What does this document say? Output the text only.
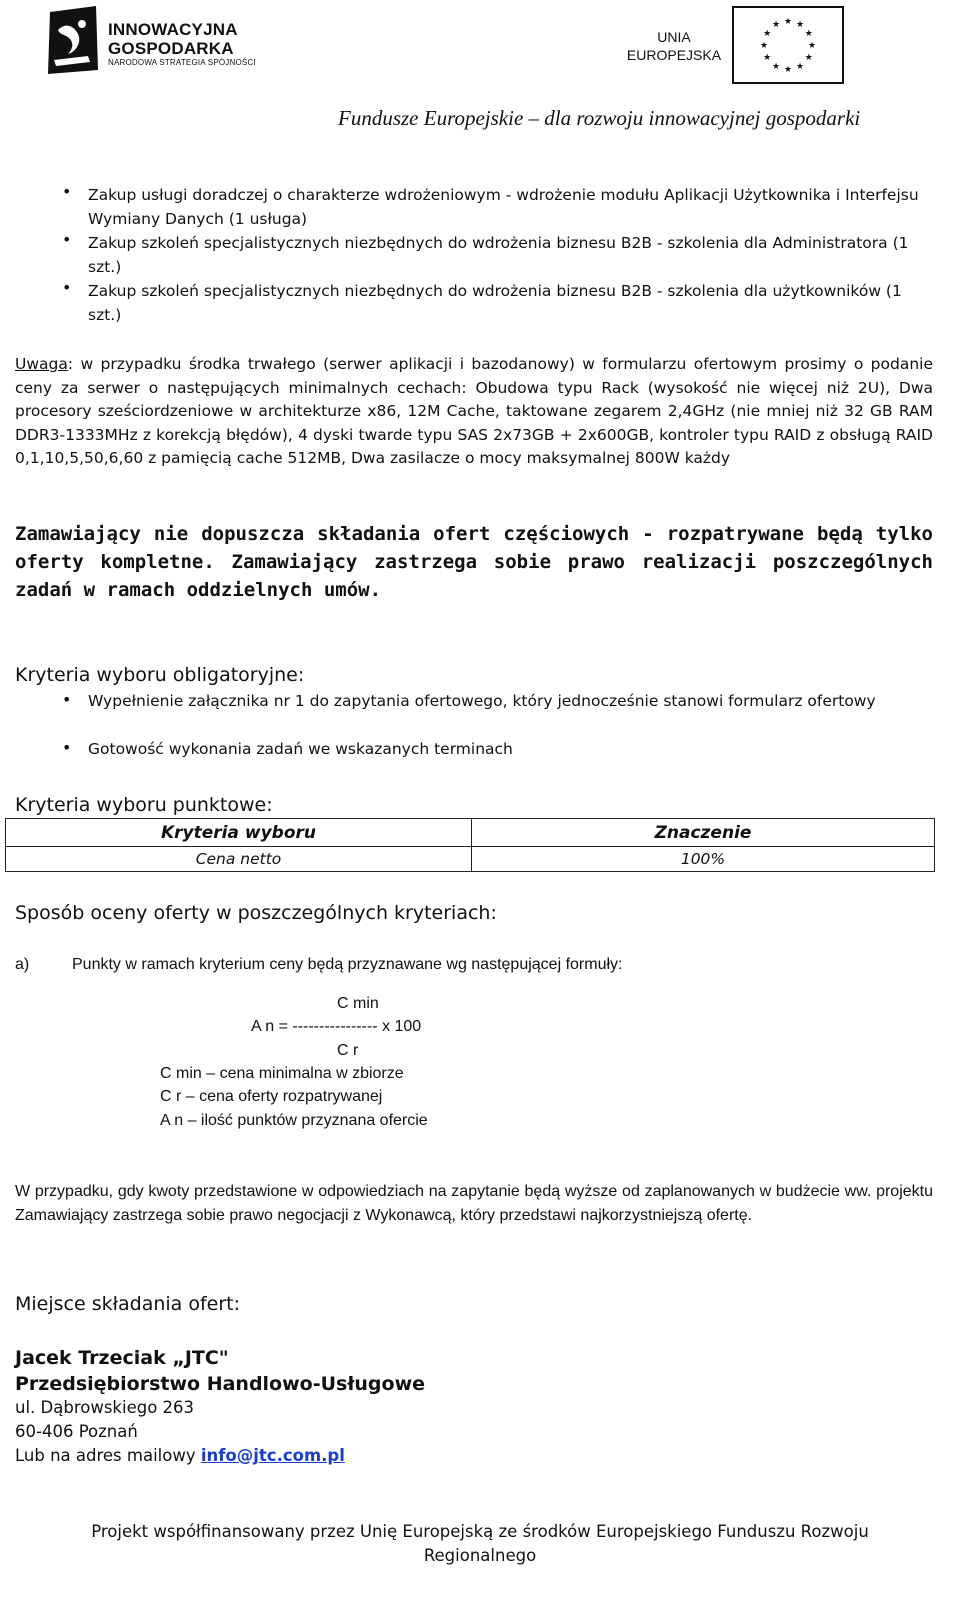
INNOWACYJNA
GOSPODARKA
NARODOWA STRATEGIA SPÓJNOŚCI
UNIA
EUROPEJSKA
★ ★
★
★
★
★
★
★
★
★
★
★
Fundusze Europejskie – dla rozwoju innowacyjnej gospodarki
•	Zakup usługi doradczej o charakterze wdrożeniowym - wdrożenie modułu Aplikacji Użytkownika i Interfejsu Wymiany Danych (1 usługa)
•	Zakup szkoleń specjalistycznych niezbędnych do wdrożenia biznesu B2B - szkolenia dla Administratora (1 szt.)
•	Zakup szkoleń specjalistycznych niezbędnych do wdrożenia biznesu B2B - szkolenia dla użytkowników (1 szt.)
Uwaga: w przypadku środka trwałego (serwer aplikacji i bazodanowy) w formularzu ofertowym prosimy o podanie ceny za serwer o następujących minimalnych cechach: Obudowa typu Rack (wysokość nie więcej niż 2U), Dwa procesory sześciordzeniowe w architekturze x86, 12M Cache, taktowane zegarem 2,4GHz (nie mniej niż 32 GB RAM DDR3-1333MHz z korekcją błędów), 4 dyski twarde typu SAS 2x73GB + 2x600GB, kontroler typu RAID z obsługą RAID 0,1,10,5,50,6,60 z pamięcią cache 512MB, Dwa zasilacze o mocy maksymalnej 800W każdy
Zamawiający nie dopuszcza składania ofert częściowych - rozpatrywane będą tylko oferty kompletne. Zamawiający zastrzega sobie prawo realizacji poszczególnych zadań w ramach oddzielnych umów.
Kryteria wyboru obligatoryjne:
•	Wypełnienie załącznika nr 1 do zapytania ofertowego, który jednocześnie stanowi formularz ofertowy
•	Gotowość wykonania zadań we wskazanych terminach
Kryteria wyboru punktowe:
Kryteria wyboru	Znaczenie
Cena netto	100%
Sposób oceny oferty w poszczególnych kryteriach:
a)	Punkty w ramach kryterium ceny będą przyznawane wg następującej formuły:
C min
A n = ---------------- x 100
C r
C min – cena minimalna w zbiorze
C r – cena oferty rozpatrywanej
A n – ilość punktów przyznana ofercie
W przypadku, gdy kwoty przedstawione w odpowiedziach na zapytanie będą wyższe od zaplanowanych w budżecie ww. projektu Zamawiający zastrzega sobie prawo negocjacji z Wykonawcą, który przedstawi najkorzystniejszą ofertę.
Miejsce składania ofert:
Jacek Trzeciak „JTC"
Przedsiębiorstwo Handlowo-Usługowe
ul. Dąbrowskiego 263
60-406 Poznań
Lub na adres mailowy info@jtc.com.pl
Projekt współfinansowany przez Unię Europejską ze środków Europejskiego Funduszu Rozwoju
Regionalnego
